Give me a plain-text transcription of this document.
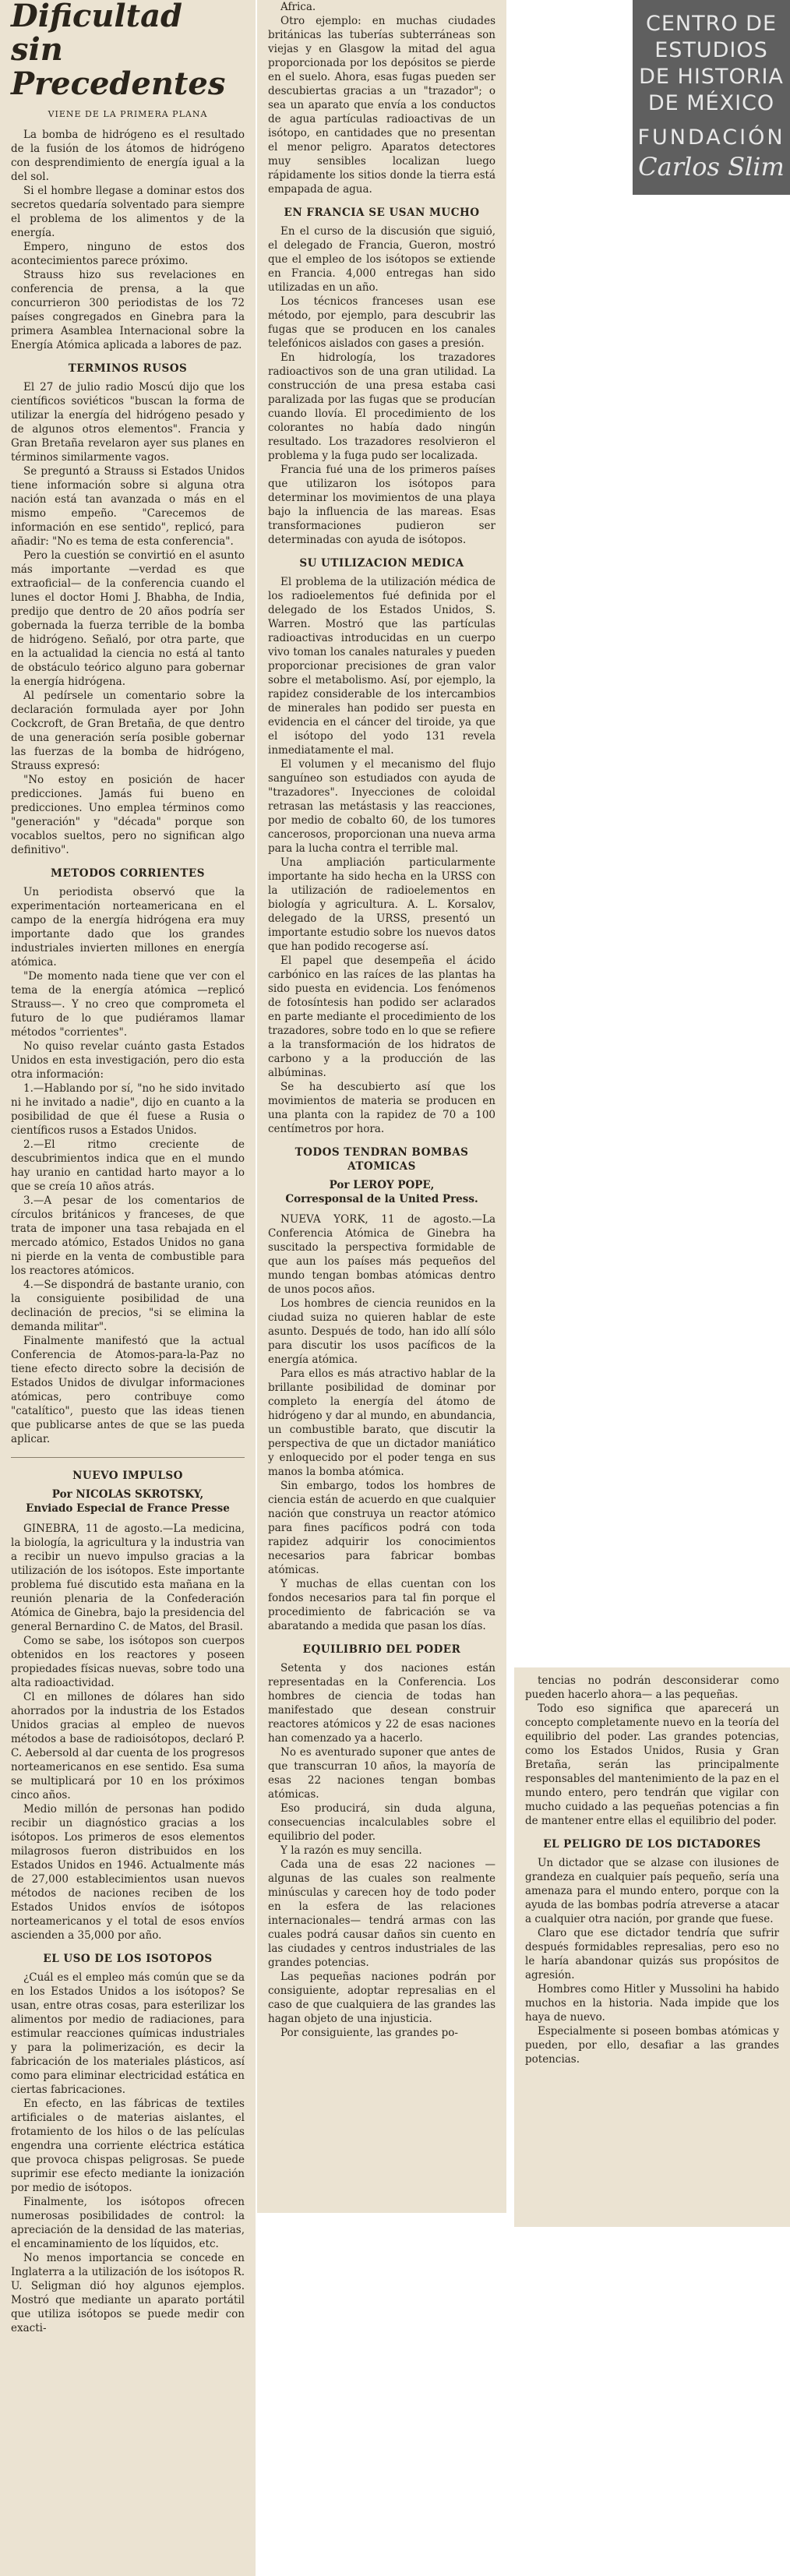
CENTRO DE
ESTUDIOS
DE HISTORIA
DE MÉXICO
FUNDACIÓN
Carlos Slim
Dificultad
sin Precedentes
VIENE DE LA PRIMERA PLANA

La bomba de hidrógeno es el resultado de la fusión de los átomos de hidrógeno con desprendimiento de energía igual a la del sol.

Si el hombre llegase a dominar estos dos secretos quedaría solventado para siempre el problema de los alimentos y de la energía.

Empero, ninguno de estos dos acontecimientos parece próximo.

Strauss hizo sus revelaciones en conferencia de prensa, a la que concurrieron 300 periodistas de los 72 países congregados en Ginebra para la primera Asamblea Internacional sobre la Energía Atómica aplicada a labores de paz.

TERMINOS RUSOS

El 27 de julio radio Moscú dijo que los científicos soviéticos "buscan la forma de utilizar la energía del hidrógeno pesado y de algunos otros elementos". Francia y Gran Bretaña revelaron ayer sus planes en términos similarmente vagos.

Se preguntó a Strauss si Estados Unidos tiene información sobre si alguna otra nación está tan avanzada o más en el mismo empeño. "Carecemos de información en ese sentido", replicó, para añadir: "No es tema de esta conferencia".

Pero la cuestión se convirtió en el asunto más importante —verdad es que extraoficial— de la conferencia cuando el lunes el doctor Homi J. Bhabha, de India, predijo que dentro de 20 años podría ser gobernada la fuerza terrible de la bomba de hidrógeno. Señaló, por otra parte, que en la actualidad la ciencia no está al tanto de obstáculo teórico alguno para gobernar la energía hidrógena.

Al pedírsele un comentario sobre la declaración formulada ayer por John Cockcroft, de Gran Bretaña, de que dentro de una generación sería posible gobernar las fuerzas de la bomba de hidrógeno, Strauss expresó:

"No estoy en posición de hacer predicciones. Jamás fui bueno en predicciones. Uno emplea términos como "generación" y "década" porque son vocablos sueltos, pero no significan algo definitivo".

METODOS CORRIENTES

Un periodista observó que la experimentación norteamericana en el campo de la energía hidrógena era muy importante dado que los grandes industriales invierten millones en energía atómica.

"De momento nada tiene que ver con el tema de la energía atómica —replicó Strauss—. Y no creo que comprometa el futuro de lo que pudiéramos llamar métodos "corrientes".

No quiso revelar cuánto gasta Estados Unidos en esta investigación, pero dio esta otra información:

1.—Hablando por sí, "no he sido invitado ni he invitado a nadie", dijo en cuanto a la posibilidad de que él fuese a Rusia o científicos rusos a Estados Unidos.

2.—El ritmo creciente de descubrimientos indica que en el mundo hay uranio en cantidad harto mayor a lo que se creía 10 años atrás.

3.—A pesar de los comentarios de círculos británicos y franceses, de que trata de imponer una tasa rebajada en el mercado atómico, Estados Unidos no gana ni pierde en la venta de combustible para los reactores atómicos.

4.—Se dispondrá de bastante uranio, con la consiguiente posibilidad de una declinación de precios, "si se elimina la demanda militar".

Finalmente manifestó que la actual Conferencia de Atomos-para-la-Paz no tiene efecto directo sobre la decisión de Estados Unidos de divulgar informaciones atómicas, pero contribuye como "catalítico", puesto que las ideas tienen que publicarse antes de que se las pueda aplicar.

NUEVO IMPULSO
Por NICOLAS SKROTSKY,
Enviado Especial de France Presse

GINEBRA, 11 de agosto.—La medicina, la biología, la agricultura y la industria van a recibir un nuevo impulso gracias a la utilización de los isótopos. Este importante problema fué discutido esta mañana en la reunión plenaria de la Confederación Atómica de Ginebra, bajo la presidencia del general Bernardino C. de Matos, del Brasil.

Como se sabe, los isótopos son cuerpos obtenidos en los reactores y poseen propiedades físicas nuevas, sobre todo una alta radioactividad.

Cl en millones de dólares han sido ahorrados por la industria de los Estados Unidos gracias al empleo de nuevos métodos a base de radioisótopos, declaró P. C. Aebersold al dar cuenta de los progresos norteamericanos en ese sentido. Esa suma se multiplicará por 10 en los próximos cinco años.

Medio millón de personas han podido recibir un diagnóstico gracias a los isótopos. Los primeros de esos elementos milagrosos fueron distribuidos en los Estados Unidos en 1946. Actualmente más de 27,000 establecimientos usan nuevos métodos de naciones reciben de los Estados Unidos envíos de isótopos norteamericanos y el total de esos envíos ascienden a 35,000 por año.

EL USO DE LOS ISOTOPOS

¿Cuál es el empleo más común que se da en los Estados Unidos a los isótopos? Se usan, entre otras cosas, para esterilizar los alimentos por medio de radiaciones, para estimular reacciones químicas industriales y para la polimerización, es decir la fabricación de los materiales plásticos, así como para eliminar electricidad estática en ciertas fabricaciones.

En efecto, en las fábricas de textiles artificiales o de materias aislantes, el frotamiento de los hilos o de las películas engendra una corriente eléctrica estática que provoca chispas peligrosas. Se puede suprimir ese efecto mediante la ionización por medio de isótopos.

Finalmente, los isótopos ofrecen numerosas posibilidades de control: la apreciación de la densidad de las materias, el encaminamiento de los líquidos, etc.

No menos importancia se concede en Inglaterra a la utilización de los isótopos R. U. Seligman dió hoy algunos ejemplos. Mostró que mediante un aparato portátil que utiliza isótopos se puede medir con exacti-

Africa.

Otro ejemplo: en muchas ciudades británicas las tuberías subterráneas son viejas y en Glasgow la mitad del agua proporcionada por los depósitos se pierde en el suelo. Ahora, esas fugas pueden ser descubiertas gracias a un "trazador"; o sea un aparato que envía a los conductos de agua partículas radioactivas de un isótopo, en cantidades que no presentan el menor peligro. Aparatos detectores muy sensibles localizan luego rápidamente los sitios donde la tierra está empapada de agua.

EN FRANCIA SE USAN MUCHO

En el curso de la discusión que siguió, el delegado de Francia, Gueron, mostró que el empleo de los isótopos se extiende en Francia. 4,000 entregas han sido utilizadas en un año.

Los técnicos franceses usan ese método, por ejemplo, para descubrir las fugas que se producen en los canales telefónicos aislados con gases a presión.

En hidrología, los trazadores radioactivos son de una gran utilidad. La construcción de una presa estaba casi paralizada por las fugas que se producían cuando llovía. El procedimiento de los colorantes no había dado ningún resultado. Los trazadores resolvieron el problema y la fuga pudo ser localizada.

Francia fué una de los primeros países que utilizaron los isótopos para determinar los movimientos de una playa bajo la influencia de las mareas. Esas transformaciones pudieron ser determinadas con ayuda de isótopos.

SU UTILIZACION MEDICA

El problema de la utilización médica de los radioelementos fué definida por el delegado de los Estados Unidos, S. Warren. Mostró que las partículas radioactivas introducidas en un cuerpo vivo toman los canales naturales y pueden proporcionar precisiones de gran valor sobre el metabolismo. Así, por ejemplo, la rapidez considerable de los intercambios de minerales han podido ser puesta en evidencia en el cáncer del tiroide, ya que el isótopo del yodo 131 revela inmediatamente el mal.

El volumen y el mecanismo del flujo sanguíneo son estudiados con ayuda de "trazadores". Inyecciones de coloidal retrasan las metástasis y las reacciones, por medio de cobalto 60, de los tumores cancerosos, proporcionan una nueva arma para la lucha contra el terrible mal.

Una ampliación particularmente importante ha sido hecha en la URSS con la utilización de radioelementos en biología y agricultura. A. L. Korsalov, delegado de la URSS, presentó un importante estudio sobre los nuevos datos que han podido recogerse así.

El papel que desempeña el ácido carbónico en las raíces de las plantas ha sido puesta en evidencia. Los fenómenos de fotosíntesis han podido ser aclarados en parte mediante el procedimiento de los trazadores, sobre todo en lo que se refiere a la transformación de los hidratos de carbono y a la producción de las albúminas.

Se ha descubierto así que los movimientos de materia se producen en una planta con la rapidez de 70 a 100 centímetros por hora.

TODOS TENDRAN BOMBAS ATOMICAS
Por LEROY POPE,
Corresponsal de la United Press.

NUEVA YORK, 11 de agosto.—La Conferencia Atómica de Ginebra ha suscitado la perspectiva formidable de que aun los países más pequeños del mundo tengan bombas atómicas dentro de unos pocos años.

Los hombres de ciencia reunidos en la ciudad suiza no quieren hablar de este asunto. Después de todo, han ido allí sólo para discutir los usos pacíficos de la energía atómica.

Para ellos es más atractivo hablar de la brillante posibilidad de dominar por completo la energía del átomo de hidrógeno y dar al mundo, en abundancia, un combustible barato, que discutir la perspectiva de que un dictador maniático y enloquecido por el poder tenga en sus manos la bomba atómica.

Sin embargo, todos los hombres de ciencia están de acuerdo en que cualquier nación que construya un reactor atómico para fines pacíficos podrá con toda rapidez adquirir los conocimientos necesarios para fabricar bombas atómicas.

Y muchas de ellas cuentan con los fondos necesarios para tal fin porque el procedimiento de fabricación se va abaratando a medida que pasan los días.

EQUILIBRIO DEL PODER

Setenta y dos naciones están representadas en la Conferencia. Los hombres de ciencia de todas han manifestado que desean construir reactores atómicos y 22 de esas naciones han comenzado ya a hacerlo.

No es aventurado suponer que antes de que transcurran 10 años, la mayoría de esas 22 naciones tengan bombas atómicas.

Eso producirá, sin duda alguna, consecuencias incalculables sobre el equilibrio del poder.

Y la razón es muy sencilla.

Cada una de esas 22 naciones —algunas de las cuales son realmente minúsculas y carecen hoy de todo poder en la esfera de las relaciones internacionales— tendrá armas con las cuales podrá causar daños sin cuento en las ciudades y centros industriales de las grandes potencias.

Las pequeñas naciones podrán por consiguiente, adoptar represalias en el caso de que cualquiera de las grandes las hagan objeto de una injusticia.

Por consiguiente, las grandes po-

tencias no podrán desconsiderar como pueden hacerlo ahora— a las pequeñas.

Todo eso significa que aparecerá un concepto completamente nuevo en la teoría del equilibrio del poder. Las grandes potencias, como los Estados Unidos, Rusia y Gran Bretaña, serán las principalmente responsables del mantenimiento de la paz en el mundo entero, pero tendrán que vigilar con mucho cuidado a las pequeñas potencias a fin de mantener entre ellas el equilibrio del poder.

EL PELIGRO DE LOS DICTADORES

Un dictador que se alzase con ilusiones de grandeza en cualquier país pequeño, sería una amenaza para el mundo entero, porque con la ayuda de las bombas podría atreverse a atacar a cualquier otra nación, por grande que fuese.

Claro que ese dictador tendría que sufrir después formidables represalias, pero eso no le haría abandonar quizás sus propósitos de agresión.

Hombres como Hitler y Mussolini ha habido muchos en la historia. Nada impide que los haya de nuevo.

Especialmente si poseen bombas atómicas y pueden, por ello, desafiar a las grandes potencias.
